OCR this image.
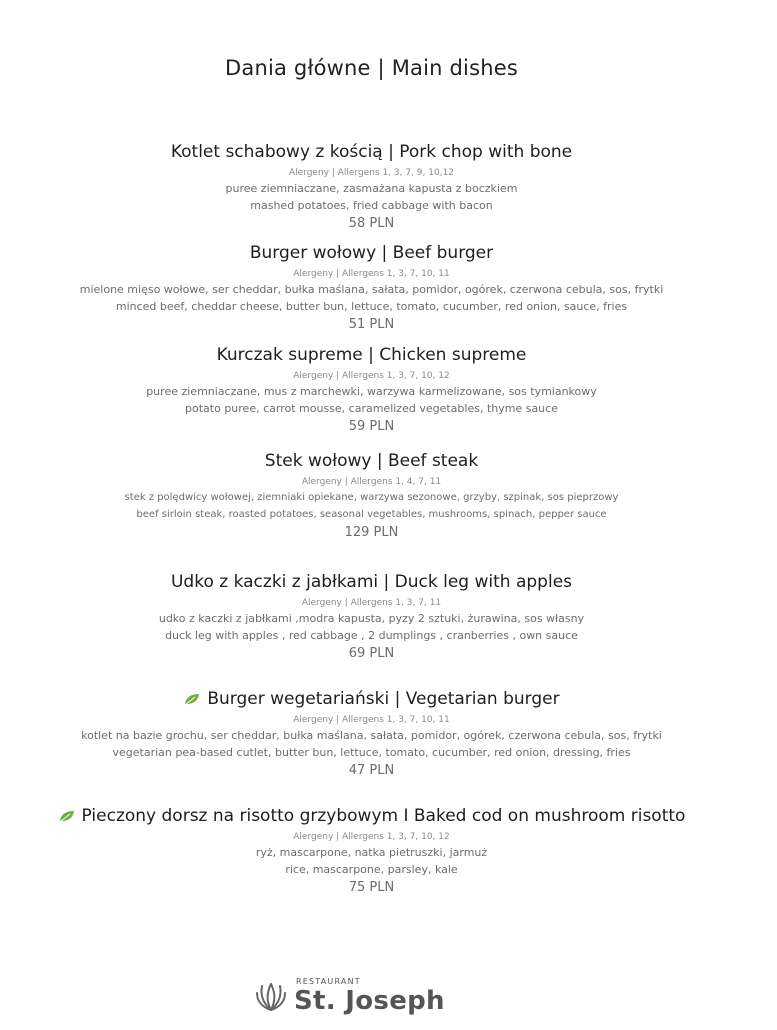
Dania główne | Main dishes
Kotlet schabowy z kością | Pork chop with bone
Alergeny | Allergens 1, 3, 7, 9, 10,12
puree ziemniaczane, zasmażana kapusta z boczkiem
mashed potatoes, fried cabbage with bacon
58 PLN
Burger wołowy | Beef burger
Alergeny | Allergens 1, 3, 7, 10, 11
mielone mięso wołowe, ser cheddar, bułka maślana, sałata, pomidor, ogórek, czerwona cebula, sos, frytki
minced beef, cheddar cheese, butter bun, lettuce, tomato, cucumber, red onion, sauce, fries
51 PLN
Kurczak supreme | Chicken supreme
Alergeny | Allergens 1, 3, 7, 10, 12
puree ziemniaczane, mus z marchewki, warzywa karmelizowane, sos tymiankowy
potato puree, carrot mousse, caramelized vegetables, thyme sauce
59 PLN
Stek wołowy | Beef steak
Alergeny | Allergens 1, 4, 7, 11
stek z polędwicy wołowej, ziemniaki opiekane, warzywa sezonowe, grzyby, szpinak, sos pieprzowy
beef sirloin steak, roasted potatoes, seasonal vegetables, mushrooms, spinach, pepper sauce
129 PLN
Udko z kaczki z jabłkami | Duck leg with apples
Alergeny | Allergens 1, 3, 7, 11
udko z kaczki z jabłkami ,modra kapusta, pyzy 2 sztuki, żurawina, sos własny
duck leg with apples , red cabbage , 2 dumplings , cranberries , own sauce
69 PLN
Burger wegetariański | Vegetarian burger
Alergeny | Allergens 1, 3, 7, 10, 11
kotlet na bazie grochu, ser cheddar, bułka maślana, sałata, pomidor, ogórek, czerwona cebula, sos, frytki
vegetarian pea-based cutlet, butter bun, lettuce, tomato, cucumber, red onion, dressing, fries
47 PLN
Pieczony dorsz na risotto grzybowym I Baked cod on mushroom risotto
Alergeny | Allergens 1, 3, 7, 10, 12
ryż, mascarpone, natka pietruszki, jarmuż
rice, mascarpone, parsley, kale
75 PLN
RESTAURANT
St. Joseph
